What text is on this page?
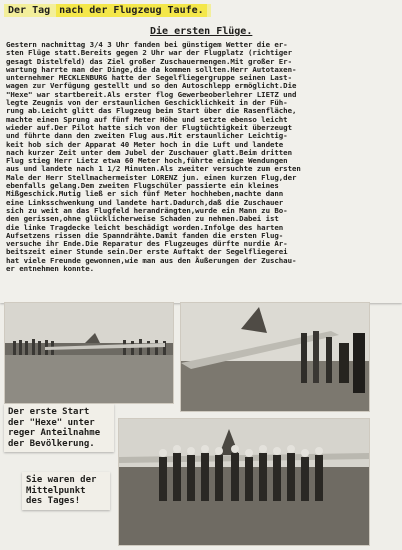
Der Tag nach der Flugzeug Taufe.
Die ersten Flüge.
Gestern nachmittag 3/4 3 Uhr fanden bei günstigem Wetter die er-
sten Flüge statt.Bereits gegen 2 Uhr war der Flugplatz (richtiger
gesagt Distelfeld) das Ziel großer Zuschauermengen.Mit großer Er-
wartung harrte man der Dinge,die da kommen sollten.Herr Autotaxen-
unternehmer MECKLENBURG hatte der Segelfliegergruppe seinen Last-
wagen zur Verfügung gestellt und so den Autoschlepp ermöglicht.Die
"Hexe" war startbereit.Als erster flog Gewerbeoberlehrer LIETZ und
legte Zeugnis von der erstaunlichen Geschicklichkeit in der Füh-
rung ab.Leicht glitt das Flugzeug beim Start über die Rasenfläche,
machte einen Sprung auf fünf Meter Höhe und setzte ebenso leicht
wieder auf.Der Pilot hatte sich von der Flugtüchtigkeit überzeugt
und führte dann den zweiten Flug aus.Mit erstaunlicher Leichtig-
keit hob sich der Apparat 40 Meter hoch in die Luft und landete
nach kurzer Zeit unter dem Jubel der Zuschauer glatt.Beim dritten
Flug stieg Herr Lietz etwa 60 Meter hoch,führte einige Wendungen
aus und landete nach 1 1/2 Minuten.Als zweiter versuchte zum ersten
Male der Herr Stellmachermeister LORENZ jun. einen kurzen Flug,der
ebenfalls gelang.Dem zweiten Flugschüler passierte ein kleines
Mißgeschick.Mutig ließ er sich fünf Meter hochheben,machte dann
eine Linksschwenkung und landete hart.Dadurch,daß die Zuschauer
sich zu weit an das Flugfeld herandrängten,wurde ein Mann zu Bo-
den gerissen,ohne glücklicherweise Schaden zu nehmen.Dabei ist
die linke Tragdecke leicht beschädigt worden.Infolge des harten
Aufsetzens rissen die Spanndrähte.Damit fanden die ersten Flug-
versuche ihr Ende.Die Reparatur des Flugzeuges dürfte nurdie Ar-
beitszeit einer Stunde sein.Der erste Auftakt der Segelfliegerei
hat viele Freunde gewonnen,wie man aus den Äußerungen der Zuschau-
er entnehmen konnte.
Der erste Start
der "Hexe" unter
reger Anteilnahme
der Bevölkerung.
Sie waren der
Mittelpunkt
des Tages!
